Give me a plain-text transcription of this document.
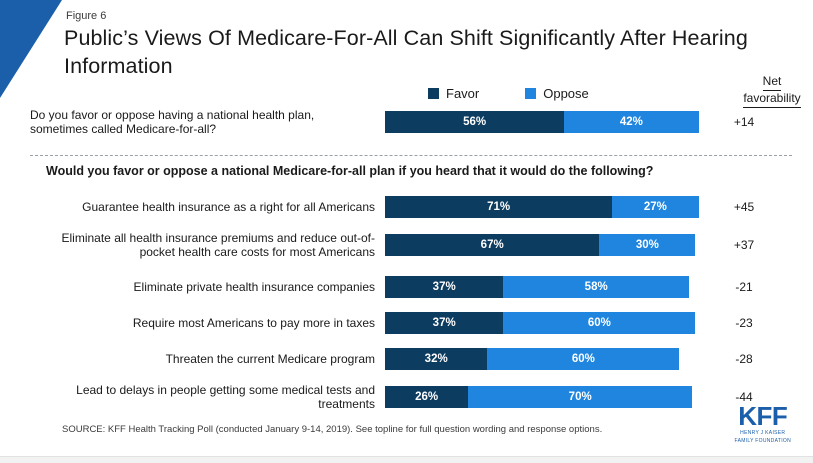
Figure 6
Public’s Views Of Medicare-For-All Can Shift Significantly After Hearing Information
Favor	Oppose
Net
favorability
Do you favor or oppose having a national health plan, sometimes called Medicare-for-all?	56%	42%	+14
Would you favor or oppose a national Medicare-for-all plan if you heard that it would do the following?
Guarantee health insurance as a right for all Americans	71%	27%	+45
Eliminate all health insurance premiums and reduce out-of-pocket health care costs for most Americans	67%	30%	+37
Eliminate private health insurance companies	37%	58%	-21
Require most Americans to pay more in taxes	37%	60%	-23
Threaten the current Medicare program	32%	60%	-28
Lead to delays in people getting some medical tests and treatments	26%	70%	-44
SOURCE: KFF Health Tracking Poll (conducted January 9-14, 2019). See topline for full question wording and response options.	KFF
HENRY J KAISER
FAMILY FOUNDATION
